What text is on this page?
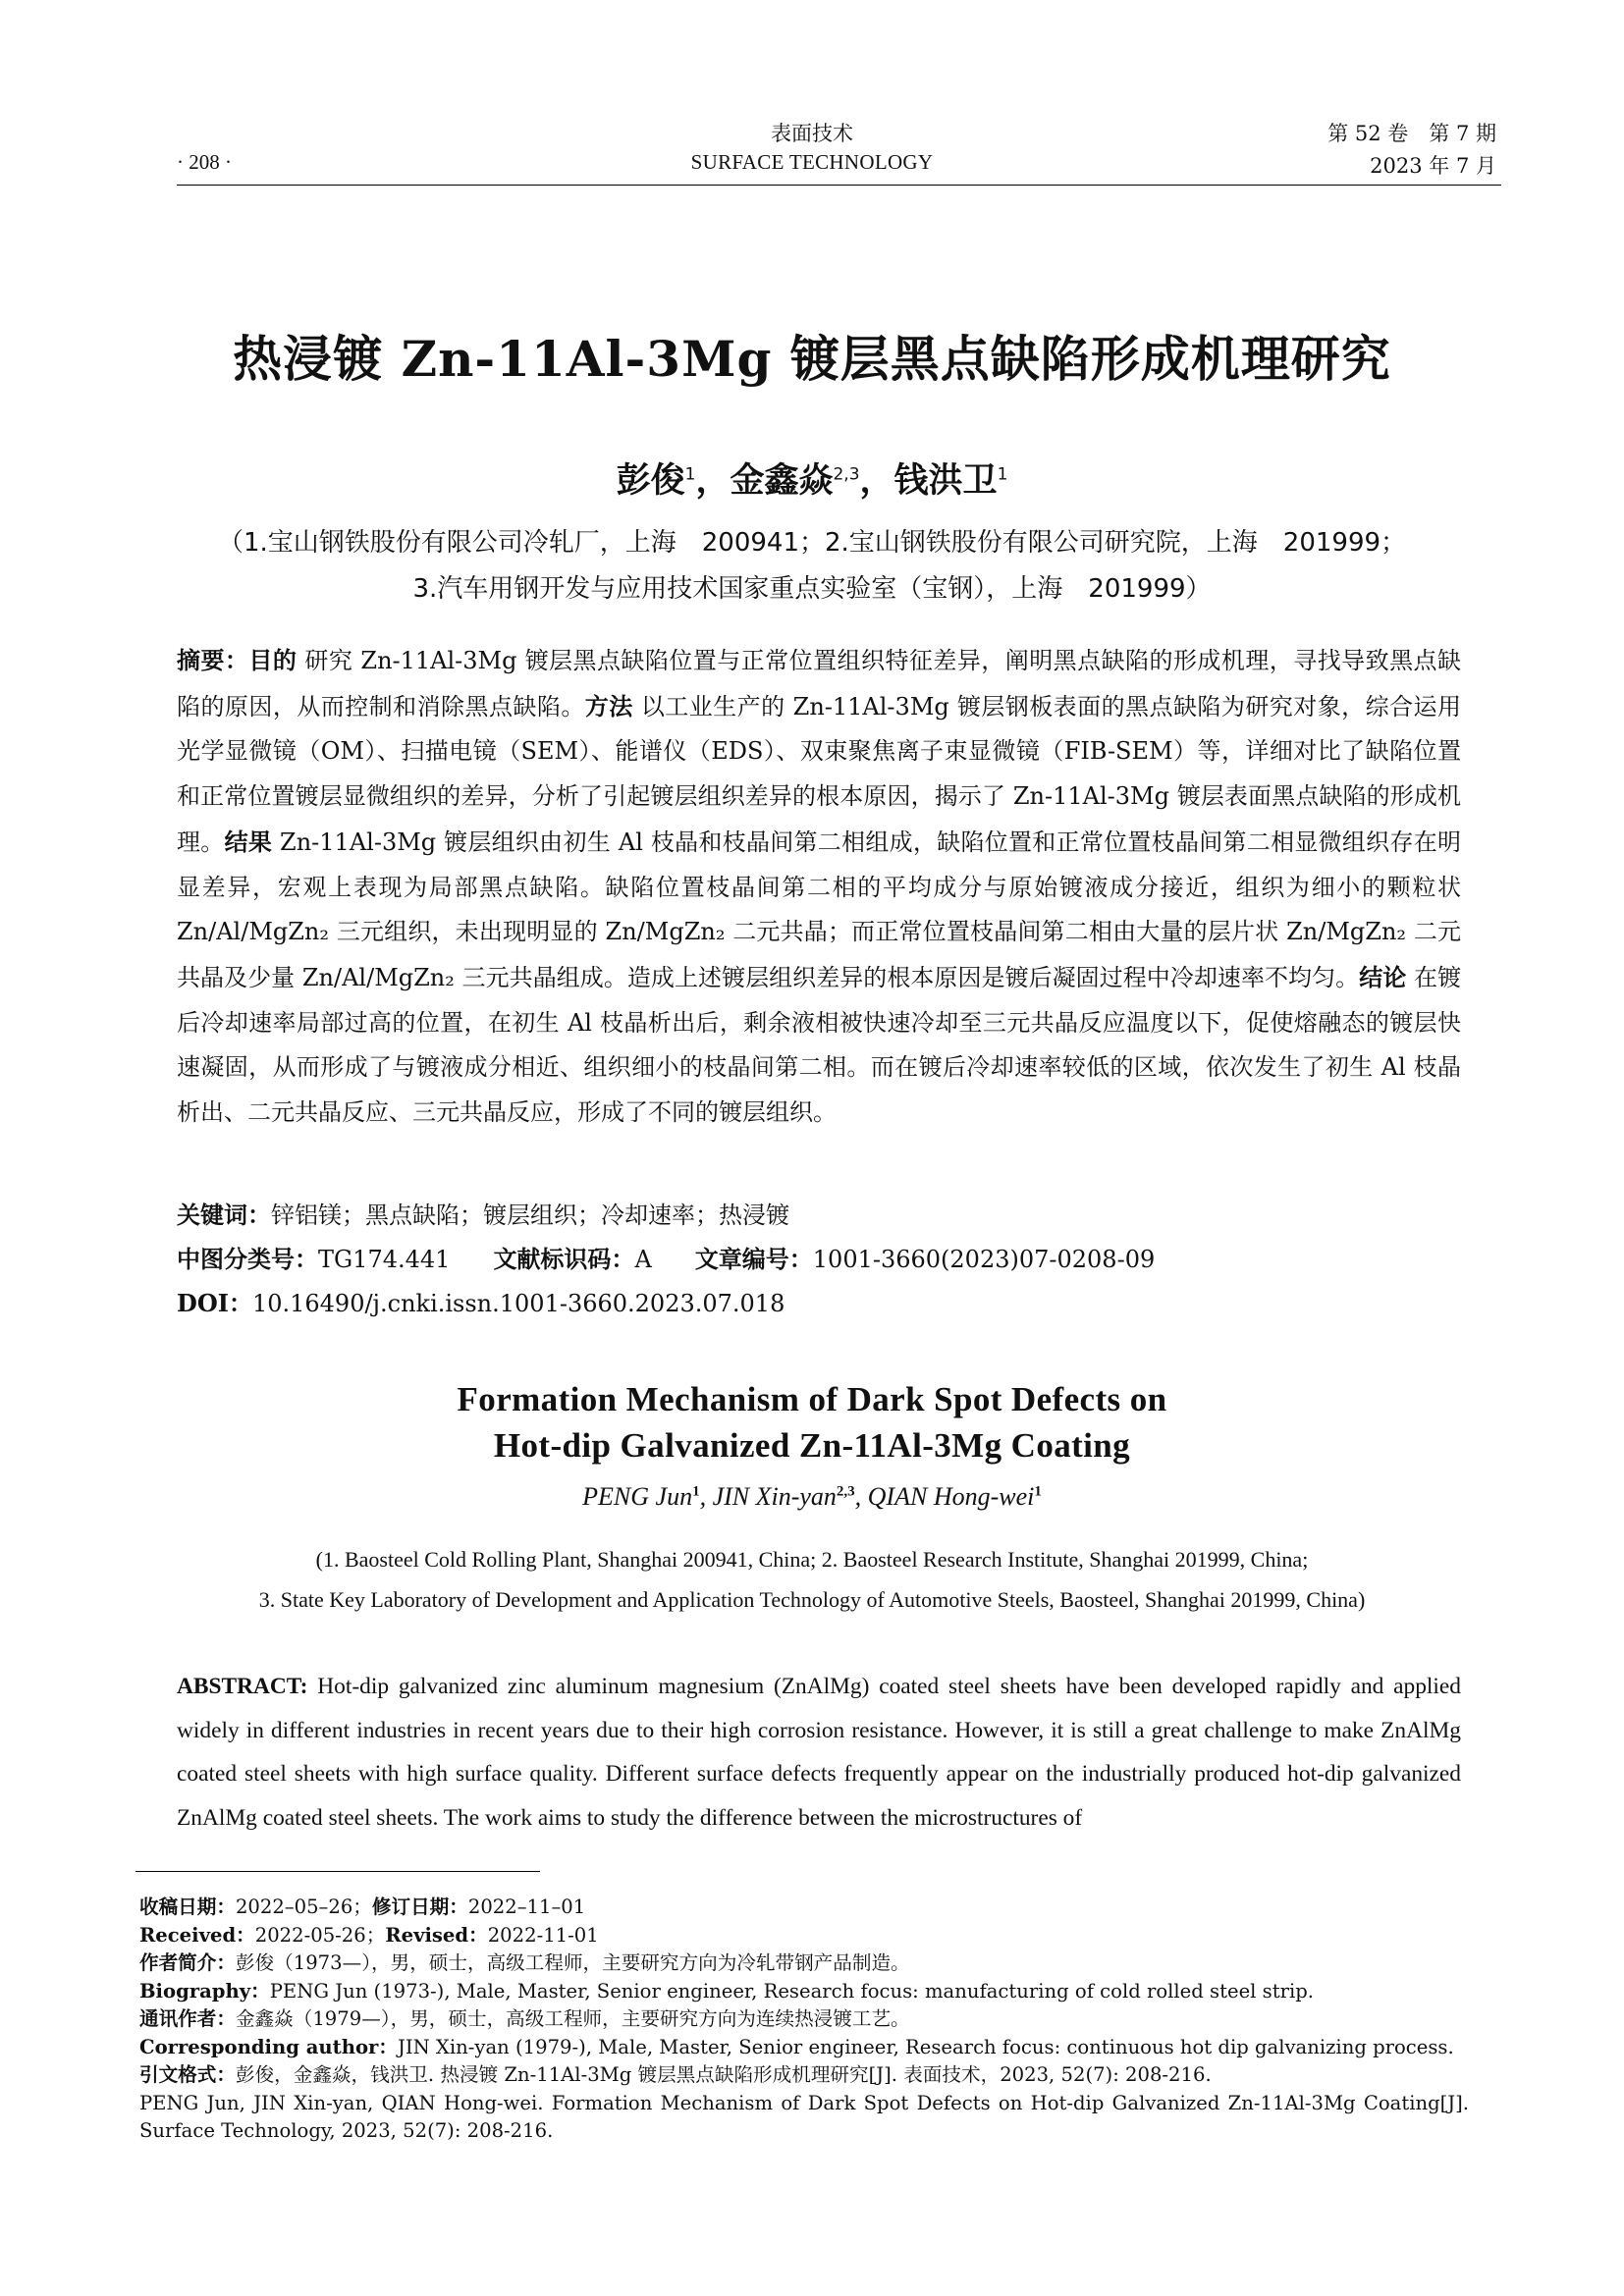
表面技术
SURFACE TECHNOLOGY
· 208 ·
第 52 卷　第 7 期
2023 年 7 月
热浸镀 Zn-11Al-3Mg 镀层黑点缺陷形成机理研究
彭俊$^1$，金鑫焱$^{2,3}$，钱洪卫$^1$
（1.宝山钢铁股份有限公司冷轧厂，上海　200941；2.宝山钢铁股份有限公司研究院，上海　201999；
3.汽车用钢开发与应用技术国家重点实验室（宝钢），上海　201999）
摘要：目的 研究 Zn-11Al-3Mg 镀层黑点缺陷位置与正常位置组织特征差异，阐明黑点缺陷的形成机理，寻找导致黑点缺陷的原因，从而控制和消除黑点缺陷。方法 以工业生产的 Zn-11Al-3Mg 镀层钢板表面的黑点缺陷为研究对象，综合运用光学显微镜（OM）、扫描电镜（SEM）、能谱仪（EDS）、双束聚焦离子束显微镜（FIB-SEM）等，详细对比了缺陷位置和正常位置镀层显微组织的差异，分析了引起镀层组织差异的根本原因，揭示了 Zn-11Al-3Mg 镀层表面黑点缺陷的形成机理。结果 Zn-11Al-3Mg 镀层组织由初生 Al 枝晶和枝晶间第二相组成，缺陷位置和正常位置枝晶间第二相显微组织存在明显差异，宏观上表现为局部黑点缺陷。缺陷位置枝晶间第二相的平均成分与原始镀液成分接近，组织为细小的颗粒状 Zn/Al/MgZn₂ 三元组织，未出现明显的 Zn/MgZn₂ 二元共晶；而正常位置枝晶间第二相由大量的层片状 Zn/MgZn₂ 二元共晶及少量 Zn/Al/MgZn₂ 三元共晶组成。造成上述镀层组织差异的根本原因是镀后凝固过程中冷却速率不均匀。结论 在镀后冷却速率局部过高的位置，在初生 Al 枝晶析出后，剩余液相被快速冷却至三元共晶反应温度以下，促使熔融态的镀层快速凝固，从而形成了与镀液成分相近、组织细小的枝晶间第二相。而在镀后冷却速率较低的区域，依次发生了初生 Al 枝晶析出、二元共晶反应、三元共晶反应，形成了不同的镀层组织。
关键词：锌铝镁；黑点缺陷；镀层组织；冷却速率；热浸镀
中图分类号：TG174.441 文献标识码：A 文章编号：1001-3660(2023)07-0208-09
DOI：10.16490/j.cnki.issn.1001-3660.2023.07.018
Formation Mechanism of Dark Spot Defects on
Hot-dip Galvanized Zn-11Al-3Mg Coating
PENG Jun$^1$, JIN Xin-yan$^{2,3}$, QIAN Hong-wei$^1$
(1. Baosteel Cold Rolling Plant, Shanghai 200941, China; 2. Baosteel Research Institute, Shanghai 201999, China;
3. State Key Laboratory of Development and Application Technology of Automotive Steels, Baosteel, Shanghai 201999, China)
ABSTRACT: Hot-dip galvanized zinc aluminum magnesium (ZnAlMg) coated steel sheets have been developed rapidly and applied widely in different industries in recent years due to their high corrosion resistance. However, it is still a great challenge to make ZnAlMg coated steel sheets with high surface quality. Different surface defects frequently appear on the industrially produced hot-dip galvanized ZnAlMg coated steel sheets. The work aims to study the difference between the microstructures of
收稿日期：2022–05–26；修订日期：2022–11–01
Received：2022-05-26；Revised：2022-11-01
作者简介：彭俊（1973—），男，硕士，高级工程师，主要研究方向为冷轧带钢产品制造。
Biography：PENG Jun (1973-), Male, Master, Senior engineer, Research focus: manufacturing of cold rolled steel strip.
通讯作者：金鑫焱（1979—），男，硕士，高级工程师，主要研究方向为连续热浸镀工艺。
Corresponding author：JIN Xin-yan (1979-), Male, Master, Senior engineer, Research focus: continuous hot dip galvanizing process.
引文格式：彭俊，金鑫焱，钱洪卫. 热浸镀 Zn-11Al-3Mg 镀层黑点缺陷形成机理研究[J]. 表面技术，2023, 52(7): 208-216.
PENG Jun, JIN Xin-yan, QIAN Hong-wei. Formation Mechanism of Dark Spot Defects on Hot-dip Galvanized Zn-11Al-3Mg Coating[J]. Surface Technology, 2023, 52(7): 208-216.
